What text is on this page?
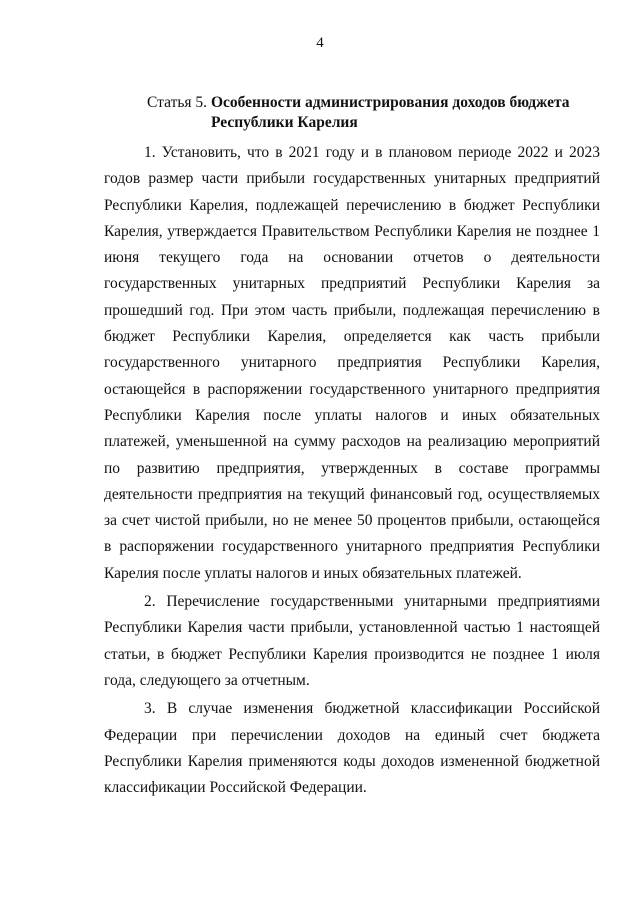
4
Статья 5. Особенности администрирования доходов бюджета
Республики Карелия

1. Установить, что в 2021 году и в плановом периоде 2022 и 2023 годов размер части прибыли государственных унитарных предприятий Республики Карелия, подлежащей перечислению в бюджет Республики Карелия, утверждается Правительством Республики Карелия не позднее 1 июня текущего года на основании отчетов о деятельности государственных унитарных предприятий Республики Карелия за прошедший год. При этом часть прибыли, подлежащая перечислению в бюджет Республики Карелия, определяется как часть прибыли государственного унитарного предприятия Республики Карелия, остающейся в распоряжении государственного унитарного предприятия Республики Карелия после уплаты налогов и иных обязательных платежей, уменьшенной на сумму расходов на реализацию мероприятий по развитию предприятия, утвержденных в составе программы деятельности предприятия на текущий финансовый год, осуществляемых за счет чистой прибыли, но не менее 50 процентов прибыли, остающейся в распоряжении государственного унитарного предприятия Республики Карелия после уплаты налогов и иных обязательных платежей.

2. Перечисление государственными унитарными предприятиями Республики Карелия части прибыли, установленной частью 1 настоящей статьи, в бюджет Республики Карелия производится не позднее 1 июля года, следующего за отчетным.

3. В случае изменения бюджетной классификации Российской Федерации при перечислении доходов на единый счет бюджета Республики Карелия применяются коды доходов измененной бюджетной классификации Российской Федерации.
